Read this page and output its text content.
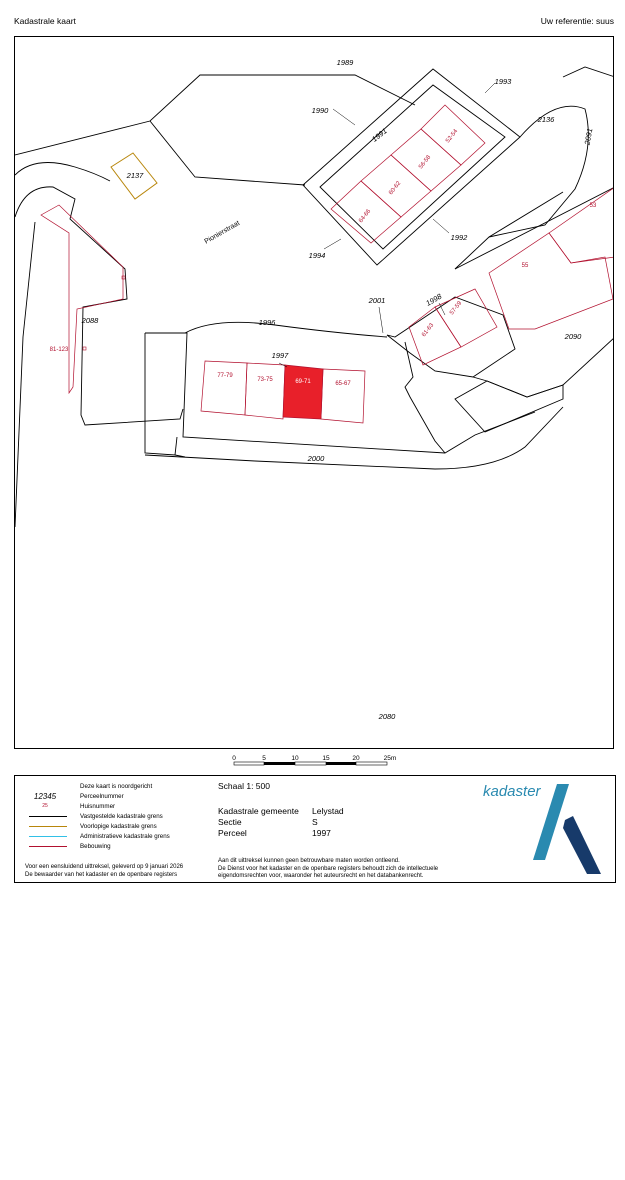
Kadastrale kaart	Uw referentie: suus
1989
1990
1991
1993
2136
2091
2137
1994
1992
2001
1996
1998
2088
1997
2090
2000
2080
52-54
56-58
60-62
64-66
53
55
57-59
61-63
81-123
77-79
73-75	69-71	65-67
Pionierstraat
0	5	10	15	20	25m
Deze kaart is noordgericht
12345	Perceelnummer
25	Huisnummer
Vastgestelde kadastrale grens
Voorlopige kadastrale grens
Administratieve kadastrale grens
Bebouwing
Voor een eensluidend uittreksel, geleverd op 9 januari 2026
De bewaarder van het kadaster en de openbare registers
Schaal 1: 500
Kadastrale gemeente Lelystad
Sectie	S
Perceel	1997
Aan dit uittreksel kunnen geen betrouwbare maten worden ontleend.
De Dienst voor het kadaster en de openbare registers behoudt zich de intellectuele
eigendomsrechten voor, waaronder het auteursrecht en het databankenrecht.
kadaster
